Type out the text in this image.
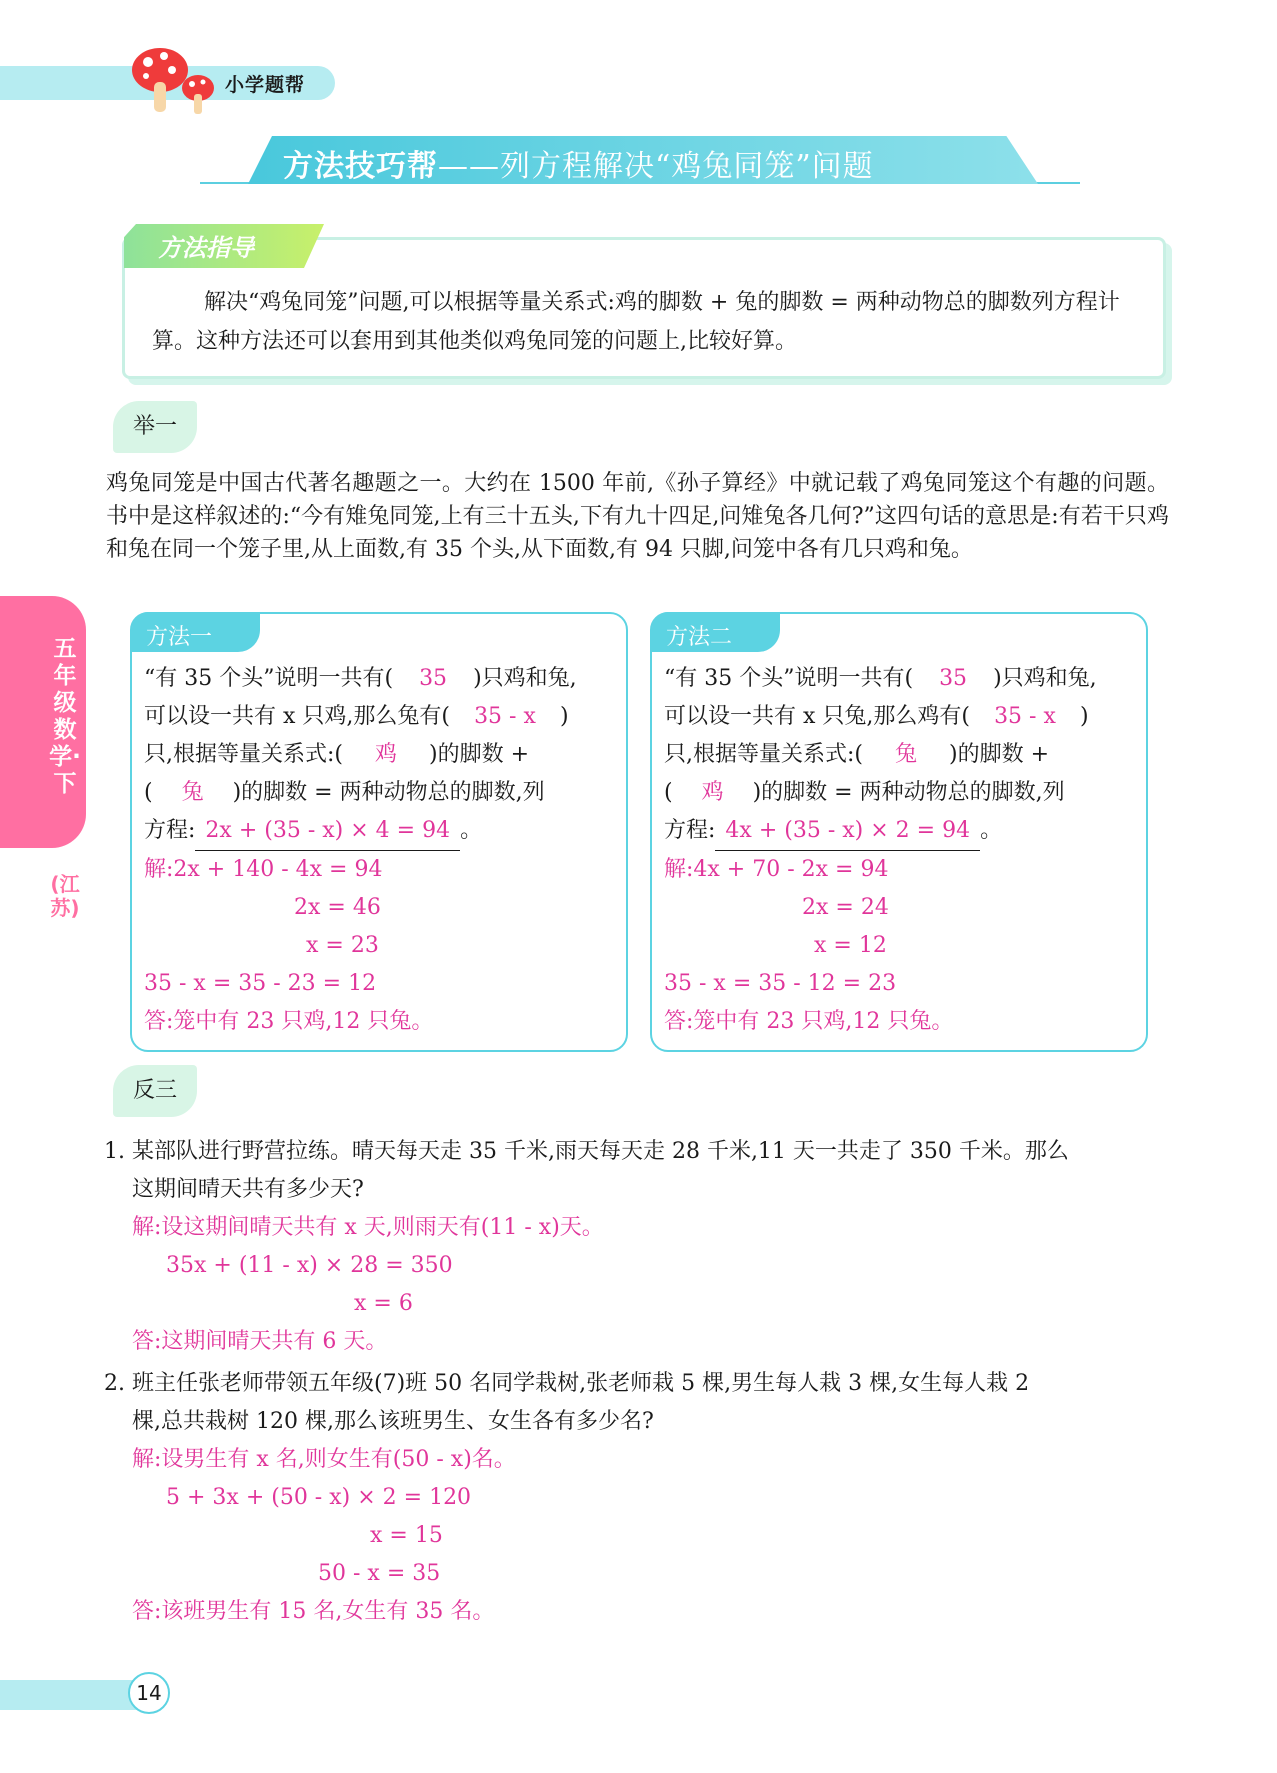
小学题帮
方法技巧帮——列方程解决“鸡兔同笼”问题
方法指导
解决“鸡兔同笼”问题,可以根据等量关系式:鸡的脚数 + 兔的脚数 = 两种动物总的脚数列方程计算。这种方法还可以套用到其他类似鸡兔同笼的问题上,比较好算。
举一
鸡兔同笼是中国古代著名趣题之一。大约在 1500 年前,《孙子算经》中就记载了鸡兔同笼这个有趣的问题。书中是这样叙述的:“今有雉兔同笼,上有三十五头,下有九十四足,问雉兔各几何?”这四句话的意思是:有若干只鸡和兔在同一个笼子里,从上面数,有 35 个头,从下面数,有 94 只脚,问笼中各有几只鸡和兔。
五年级数学·下
(江苏)
方法一
“有 35 个头”说明一共有( 35 )只鸡和兔,
可以设一共有 x 只鸡,那么兔有( 35 - x )
只,根据等量关系式:( 鸡 )的脚数 +
( 兔 )的脚数 = 两种动物总的脚数,列
方程: 2x + (35 - x) × 4 = 94 。
解:2x + 140 - 4x = 94
2x = 46
x = 23
35 - x = 35 - 23 = 12
答:笼中有 23 只鸡,12 只兔。
方法二
“有 35 个头”说明一共有( 35 )只鸡和兔,
可以设一共有 x 只兔,那么鸡有( 35 - x )
只,根据等量关系式:( 兔 )的脚数 +
( 鸡 )的脚数 = 两种动物总的脚数,列
方程: 4x + (35 - x) × 2 = 94 。
解:4x + 70 - 2x = 94
2x = 24
x = 12
35 - x = 35 - 12 = 23
答:笼中有 23 只鸡,12 只兔。
反三
1. 某部队进行野营拉练。晴天每天走 35 千米,雨天每天走 28 千米,11 天一共走了 350 千米。那么
这期间晴天共有多少天?
解:设这期间晴天共有 x 天,则雨天有(11 - x)天。
35x + (11 - x) × 28 = 350
x = 6
答:这期间晴天共有 6 天。
2. 班主任张老师带领五年级(7)班 50 名同学栽树,张老师栽 5 棵,男生每人栽 3 棵,女生每人栽 2
棵,总共栽树 120 棵,那么该班男生、女生各有多少名?
解:设男生有 x 名,则女生有(50 - x)名。
5 + 3x + (50 - x) × 2 = 120
x = 15
50 - x = 35
答:该班男生有 15 名,女生有 35 名。
14
